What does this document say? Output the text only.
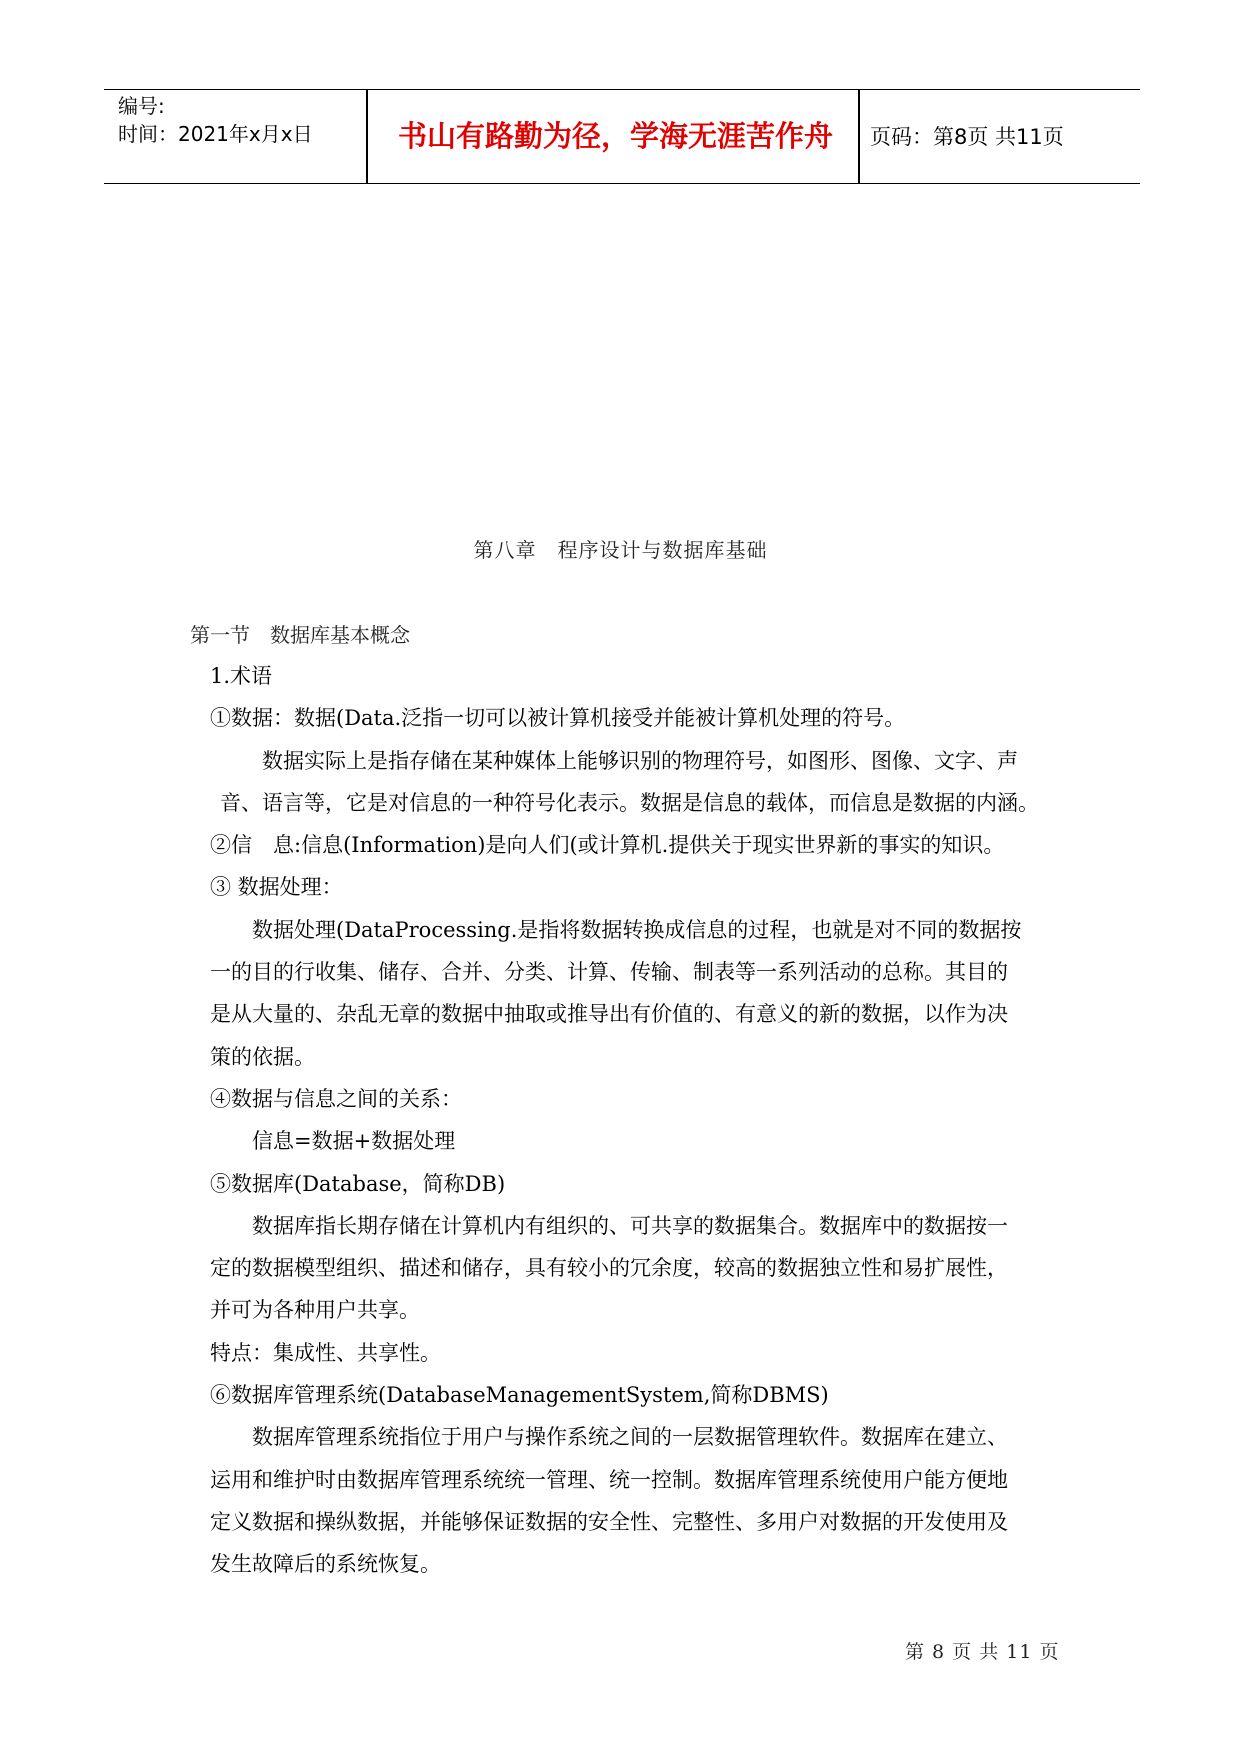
编号:
时间：2021年x月x日	书山有路勤为径，学海无涯苦作舟	页码：第8页 共11页
第八章　程序设计与数据库基础
第一节　数据库基本概念

1.术语

①数据：数据(Data.泛指一切可以被计算机接受并能被计算机处理的符号。

数据实际上是指存储在某种媒体上能够识别的物理符号，如图形、图像、文字、声

音、语言等，它是对信息的一种符号化表示。数据是信息的载体，而信息是数据的内涵。

②信　息:信息(Information)是向人们(或计算机.提供关于现实世界新的事实的知识。

③ 数据处理：

数据处理(DataProcessing.是指将数据转换成信息的过程，也就是对不同的数据按

一的目的行收集、储存、合并、分类、计算、传输、制表等一系列活动的总称。其目的

是从大量的、杂乱无章的数据中抽取或推导出有价值的、有意义的新的数据，以作为决

策的依据。

④数据与信息之间的关系：

信息=数据+数据处理

⑤数据库(Database，简称DB)

数据库指长期存储在计算机内有组织的、可共享的数据集合。数据库中的数据按一

定的数据模型组织、描述和储存，具有较小的冗余度，较高的数据独立性和易扩展性，

并可为各种用户共享。

特点：集成性、共享性。

⑥数据库管理系统(DatabaseManagementSystem,简称DBMS)

数据库管理系统指位于用户与操作系统之间的一层数据管理软件。数据库在建立、

运用和维护时由数据库管理系统统一管理、统一控制。数据库管理系统使用户能方便地

定义数据和操纵数据，并能够保证数据的安全性、完整性、多用户对数据的开发使用及

发生故障后的系统恢复。

第 8 页 共 11 页
